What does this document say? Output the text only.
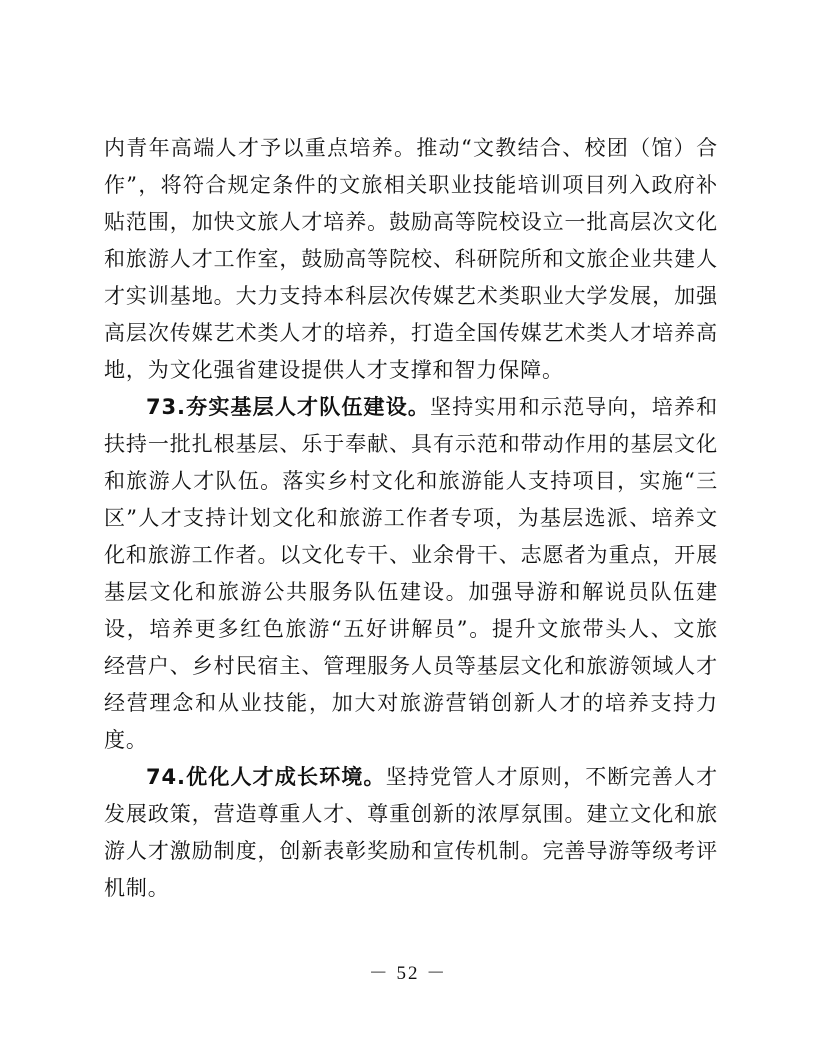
内青年高端人才予以重点培养。推动“文教结合、校团（馆）合作”，将符合规定条件的文旅相关职业技能培训项目列入政府补贴范围，加快文旅人才培养。鼓励高等院校设立一批高层次文化和旅游人才工作室，鼓励高等院校、科研院所和文旅企业共建人才实训基地。大力支持本科层次传媒艺术类职业大学发展，加强高层次传媒艺术类人才的培养，打造全国传媒艺术类人才培养高地，为文化强省建设提供人才支撑和智力保障。

73.夯实基层人才队伍建设。坚持实用和示范导向，培养和扶持一批扎根基层、乐于奉献、具有示范和带动作用的基层文化和旅游人才队伍。落实乡村文化和旅游能人支持项目，实施“三区”人才支持计划文化和旅游工作者专项，为基层选派、培养文化和旅游工作者。以文化专干、业余骨干、志愿者为重点，开展基层文化和旅游公共服务队伍建设。加强导游和解说员队伍建设，培养更多红色旅游“五好讲解员”。提升文旅带头人、文旅经营户、乡村民宿主、管理服务人员等基层文化和旅游领域人才经营理念和从业技能，加大对旅游营销创新人才的培养支持力度。

74.优化人才成长环境。坚持党管人才原则，不断完善人才发展政策，营造尊重人才、尊重创新的浓厚氛围。建立文化和旅游人才激励制度，创新表彰奖励和宣传机制。完善导游等级考评机制。

－ 52 －
